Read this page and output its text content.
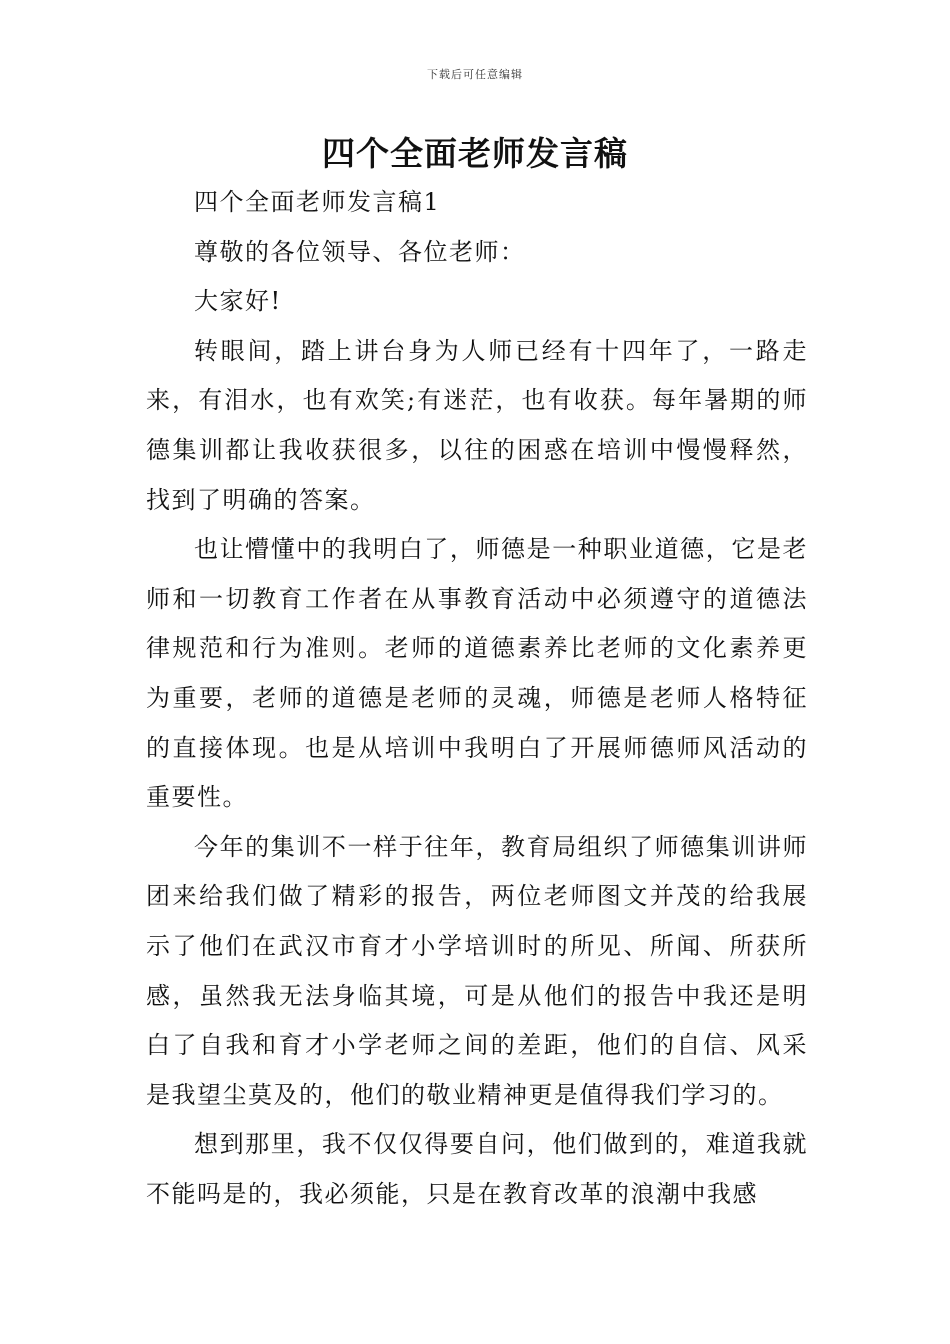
下载后可任意编辑
四个全面老师发言稿

四个全面老师发言稿1

尊敬的各位领导、各位老师：

大家好!

转眼间，踏上讲台身为人师已经有十四年了，一路走来，有泪水，也有欢笑;有迷茫，也有收获。每年暑期的师德集训都让我收获很多，以往的困惑在培训中慢慢释然，找到了明确的答案。

也让懵懂中的我明白了，师德是一种职业道德，它是老师和一切教育工作者在从事教育活动中必须遵守的道德法律规范和行为准则。老师的道德素养比老师的文化素养更为重要，老师的道德是老师的灵魂，师德是老师人格特征的直接体现。也是从培训中我明白了开展师德师风活动的重要性。

今年的集训不一样于往年，教育局组织了师德集训讲师团来给我们做了精彩的报告，两位老师图文并茂的给我展示了他们在武汉市育才小学培训时的所见、所闻、所获所感，虽然我无法身临其境，可是从他们的报告中我还是明白了自我和育才小学老师之间的差距，他们的自信、风采是我望尘莫及的，他们的敬业精神更是值得我们学习的。

想到那里，我不仅仅得要自问，他们做到的，难道我就不能吗是的，我必须能，只是在教育改革的浪潮中我感
